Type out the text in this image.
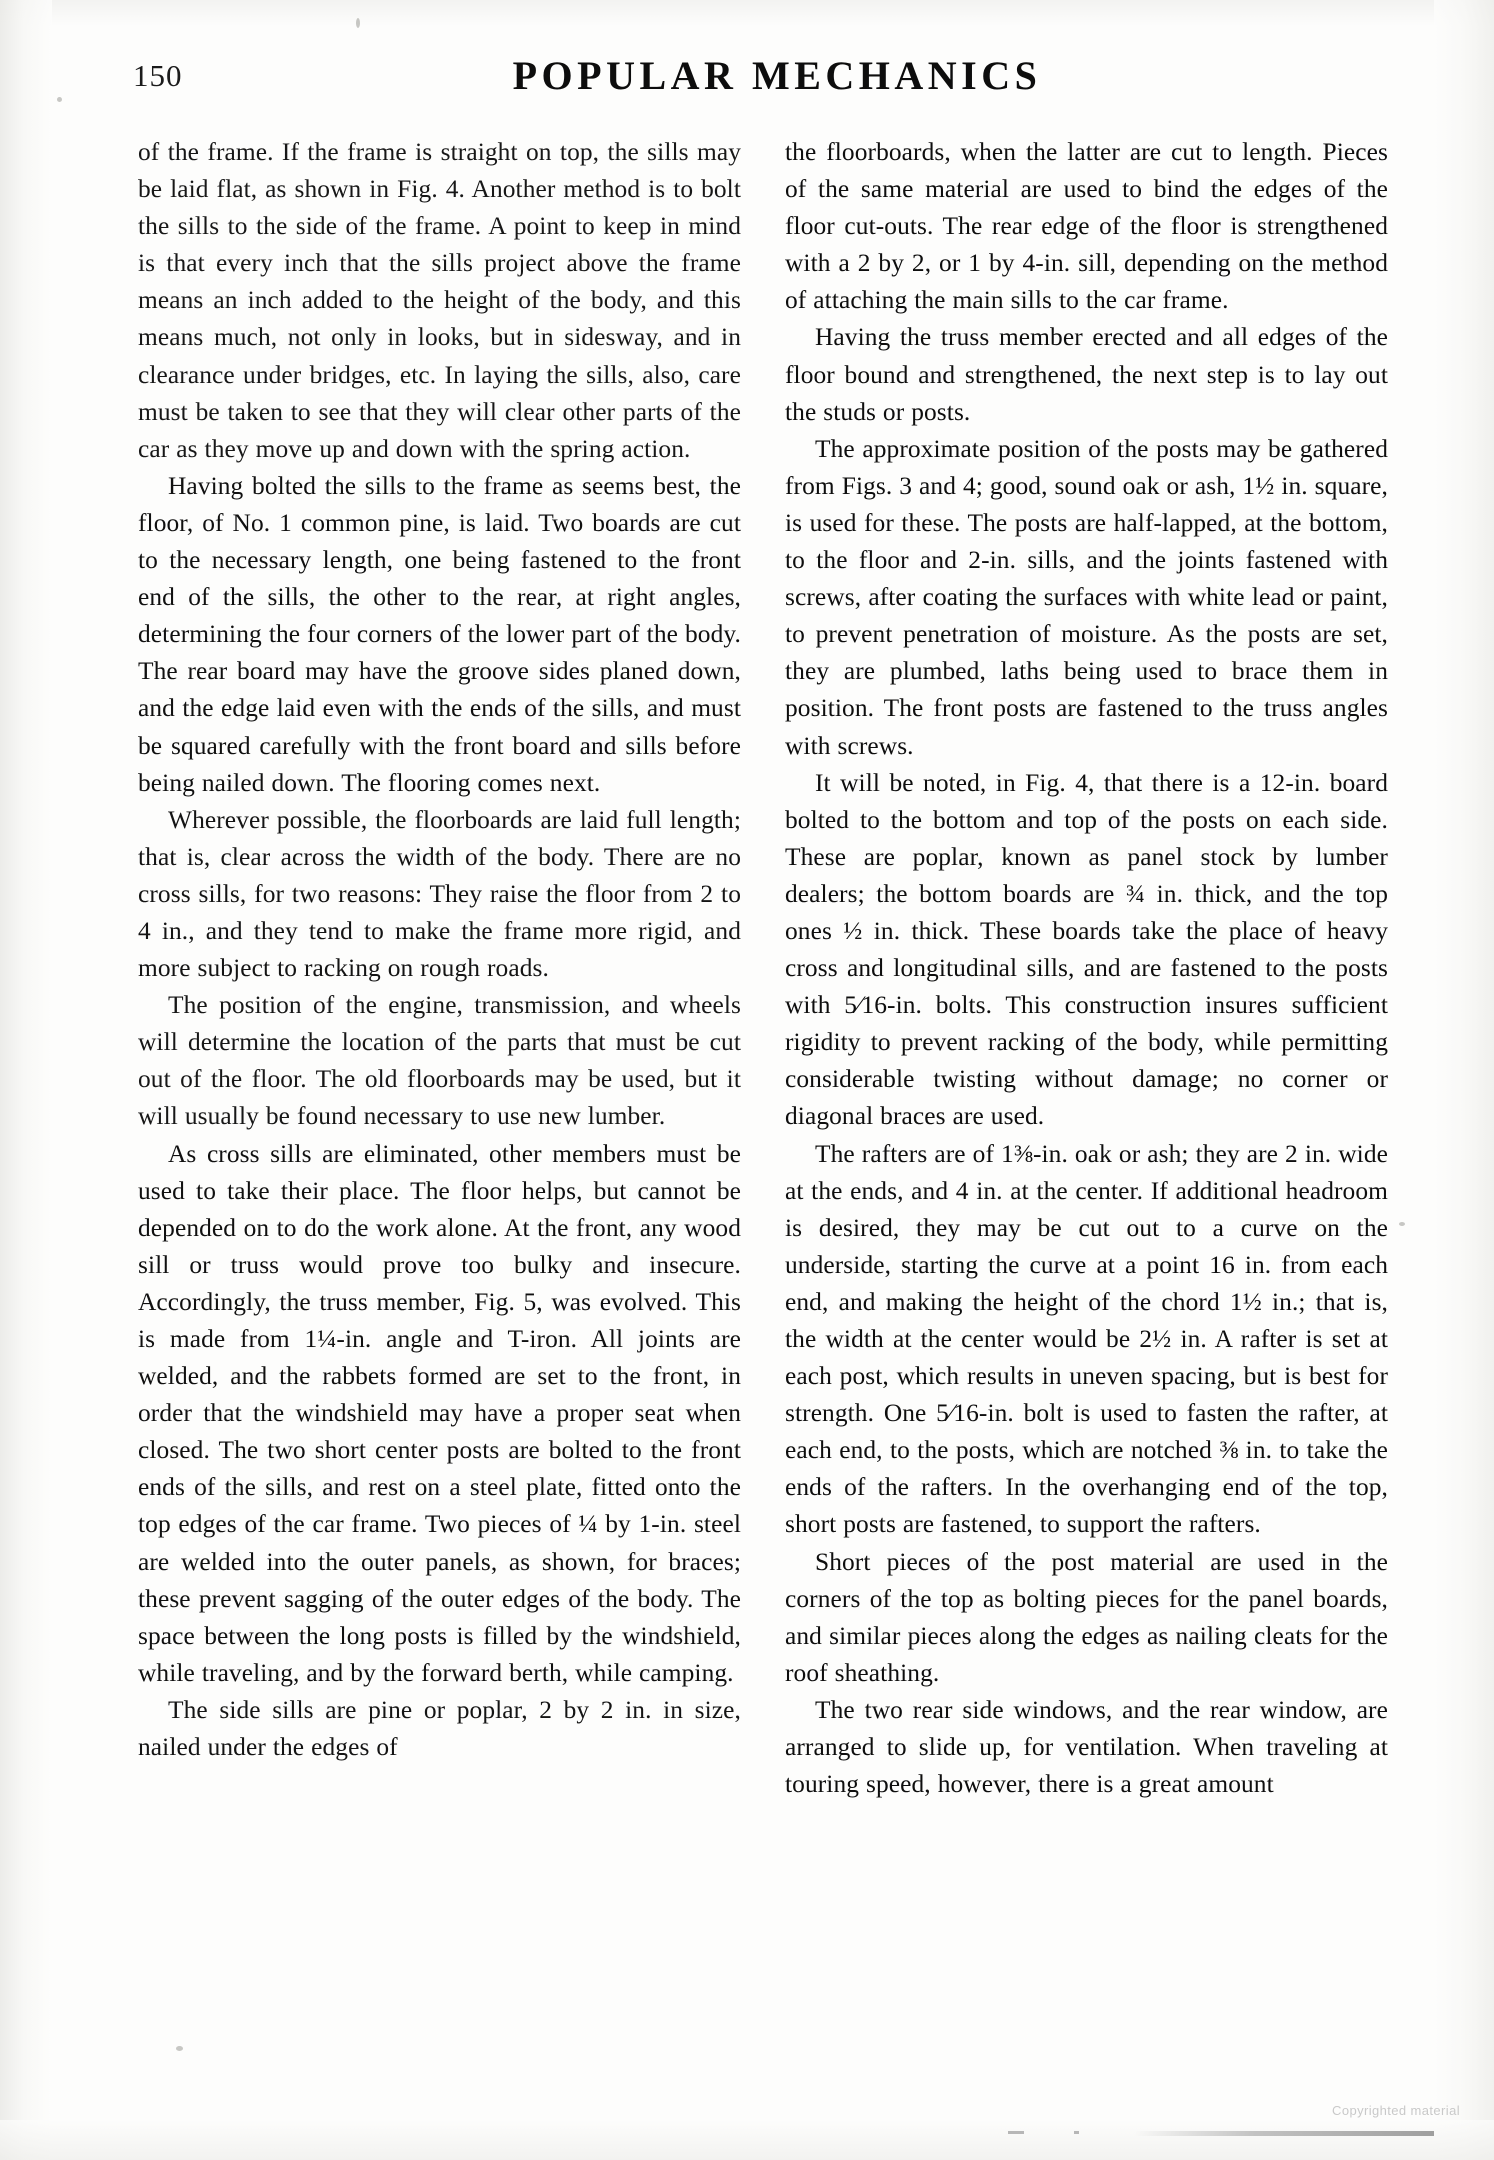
150	POPULAR MECHANICS

of the frame. If the frame is straight on top, the sills may be laid flat, as shown in Fig. 4. Another method is to bolt the sills to the side of the frame. A point to keep in mind is that every inch that the sills project above the frame means an inch added to the height of the body, and this means much, not only in looks, but in sidesway, and in clearance under bridges, etc. In laying the sills, also, care must be taken to see that they will clear other parts of the car as they move up and down with the spring action.

Having bolted the sills to the frame as seems best, the floor, of No. 1 common pine, is laid. Two boards are cut to the necessary length, one being fastened to the front end of the sills, the other to the rear, at right angles, determining the four corners of the lower part of the body. The rear board may have the groove sides planed down, and the edge laid even with the ends of the sills, and must be squared carefully with the front board and sills before being nailed down. The flooring comes next.

Wherever possible, the floorboards are laid full length; that is, clear across the width of the body. There are no cross sills, for two reasons: They raise the floor from 2 to 4 in., and they tend to make the frame more rigid, and more subject to racking on rough roads.

The position of the engine, transmission, and wheels will determine the location of the parts that must be cut out of the floor. The old floorboards may be used, but it will usually be found necessary to use new lumber.

As cross sills are eliminated, other members must be used to take their place. The floor helps, but cannot be depended on to do the work alone. At the front, any wood sill or truss would prove too bulky and insecure. Accordingly, the truss member, Fig. 5, was evolved. This is made from 1¼-in. angle and T-iron. All joints are welded, and the rabbets formed are set to the front, in order that the windshield may have a proper seat when closed. The two short center posts are bolted to the front ends of the sills, and rest on a steel plate, fitted onto the top edges of the car frame. Two pieces of ¼ by 1-in. steel are welded into the outer panels, as shown, for braces; these prevent sagging of the outer edges of the body. The space between the long posts is filled by the windshield, while traveling, and by the forward berth, while camping.

The side sills are pine or poplar, 2 by 2 in. in size, nailed under the edges of

the floorboards, when the latter are cut to length. Pieces of the same material are used to bind the edges of the floor cut-outs. The rear edge of the floor is strengthened with a 2 by 2, or 1 by 4-in. sill, depending on the method of attaching the main sills to the car frame.

Having the truss member erected and all edges of the floor bound and strengthened, the next step is to lay out the studs or posts.

The approximate position of the posts may be gathered from Figs. 3 and 4; good, sound oak or ash, 1½ in. square, is used for these. The posts are half-lapped, at the bottom, to the floor and 2-in. sills, and the joints fastened with screws, after coating the surfaces with white lead or paint, to prevent penetration of moisture. As the posts are set, they are plumbed, laths being used to brace them in position. The front posts are fastened to the truss angles with screws.

It will be noted, in Fig. 4, that there is a 12-in. board bolted to the bottom and top of the posts on each side. These are poplar, known as panel stock by lumber dealers; the bottom boards are ¾ in. thick, and the top ones ½ in. thick. These boards take the place of heavy cross and longitudinal sills, and are fastened to the posts with 5⁄16-in. bolts. This construction insures sufficient rigidity to prevent racking of the body, while permitting considerable twisting without damage; no corner or diagonal braces are used.

The rafters are of 1⅜-in. oak or ash; they are 2 in. wide at the ends, and 4 in. at the center. If additional headroom is desired, they may be cut out to a curve on the underside, starting the curve at a point 16 in. from each end, and making the height of the chord 1½ in.; that is, the width at the center would be 2½ in. A rafter is set at each post, which results in uneven spacing, but is best for strength. One 5⁄16-in. bolt is used to fasten the rafter, at each end, to the posts, which are notched ⅜ in. to take the ends of the rafters. In the overhanging end of the top, short posts are fastened, to support the rafters.

Short pieces of the post material are used in the corners of the top as bolting pieces for the panel boards, and similar pieces along the edges as nailing cleats for the roof sheathing.

The two rear side windows, and the rear window, are arranged to slide up, for ventilation. When traveling at touring speed, however, there is a great amount

Copyrighted material
